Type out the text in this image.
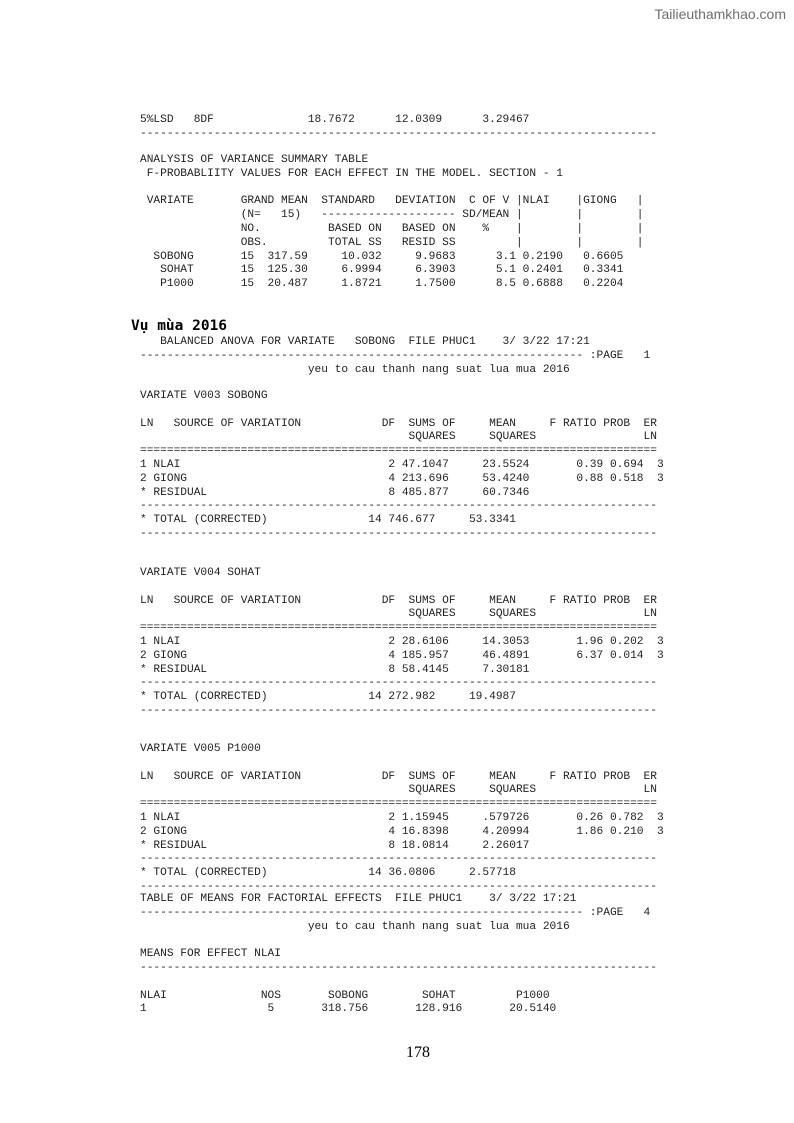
Tailieuthamkhao.com
5%LSD   8DF              18.7672      12.0309      3.29467
-----------------------------------------------------------------------------
ANALYSIS OF VARIANCE SUMMARY TABLE
F-PROBABLIITY VALUES FOR EACH EFFECT IN THE MODEL. SECTION - 1
VARIATE       GRAND MEAN  STANDARD   DEVIATION  C OF V |NLAI    |GIONG   |
(N=   15)   -------------------- SD/MEAN |        |        |
NO.          BASED ON   BASED ON    %    |        |        |
OBS.         TOTAL SS   RESID SS         |        |        |
SOBONG       15  317.59     10.032     9.9683      3.1 0.2190   0.6605
SOHAT       15  125.30     6.9994     6.3903      5.1 0.2401   0.3341
P1000       15  20.487     1.8721     1.7500      8.5 0.6888   0.2204
Vụ mùa 2016
BALANCED ANOVA FOR VARIATE   SOBONG  FILE PHUC1    3/ 3/22 17:21
------------------------------------------------------------------ :PAGE   1
yeu to cau thanh nang suat lua mua 2016
VARIATE V003 SOBONG
LN   SOURCE OF VARIATION            DF  SUMS OF     MEAN     F RATIO PROB  ER
SQUARES     SQUARES                LN
=============================================================================
1 NLAI                               2 47.1047     23.5524       0.39 0.694  3
2 GIONG                              4 213.696     53.4240       0.88 0.518  3
* RESIDUAL                           8 485.877     60.7346
-----------------------------------------------------------------------------
* TOTAL (CORRECTED)               14 746.677     53.3341
-----------------------------------------------------------------------------
VARIATE V004 SOHAT
LN   SOURCE OF VARIATION            DF  SUMS OF     MEAN     F RATIO PROB  ER
SQUARES     SQUARES                LN
=============================================================================
1 NLAI                               2 28.6106     14.3053       1.96 0.202  3
2 GIONG                              4 185.957     46.4891       6.37 0.014  3
* RESIDUAL                           8 58.4145     7.30181
-----------------------------------------------------------------------------
* TOTAL (CORRECTED)               14 272.982     19.4987
-----------------------------------------------------------------------------
VARIATE V005 P1000
LN   SOURCE OF VARIATION            DF  SUMS OF     MEAN     F RATIO PROB  ER
SQUARES     SQUARES                LN
=============================================================================
1 NLAI                               2 1.15945     .579726       0.26 0.782  3
2 GIONG                              4 16.8398     4.20994       1.86 0.210  3
* RESIDUAL                           8 18.0814     2.26017
-----------------------------------------------------------------------------
* TOTAL (CORRECTED)               14 36.0806     2.57718
-----------------------------------------------------------------------------
TABLE OF MEANS FOR FACTORIAL EFFECTS  FILE PHUC1    3/ 3/22 17:21
------------------------------------------------------------------ :PAGE   4
yeu to cau thanh nang suat lua mua 2016
MEANS FOR EFFECT NLAI
-----------------------------------------------------------------------------
NLAI              NOS       SOBONG        SOHAT         P1000
1                  5       318.756       128.916       20.5140
178
